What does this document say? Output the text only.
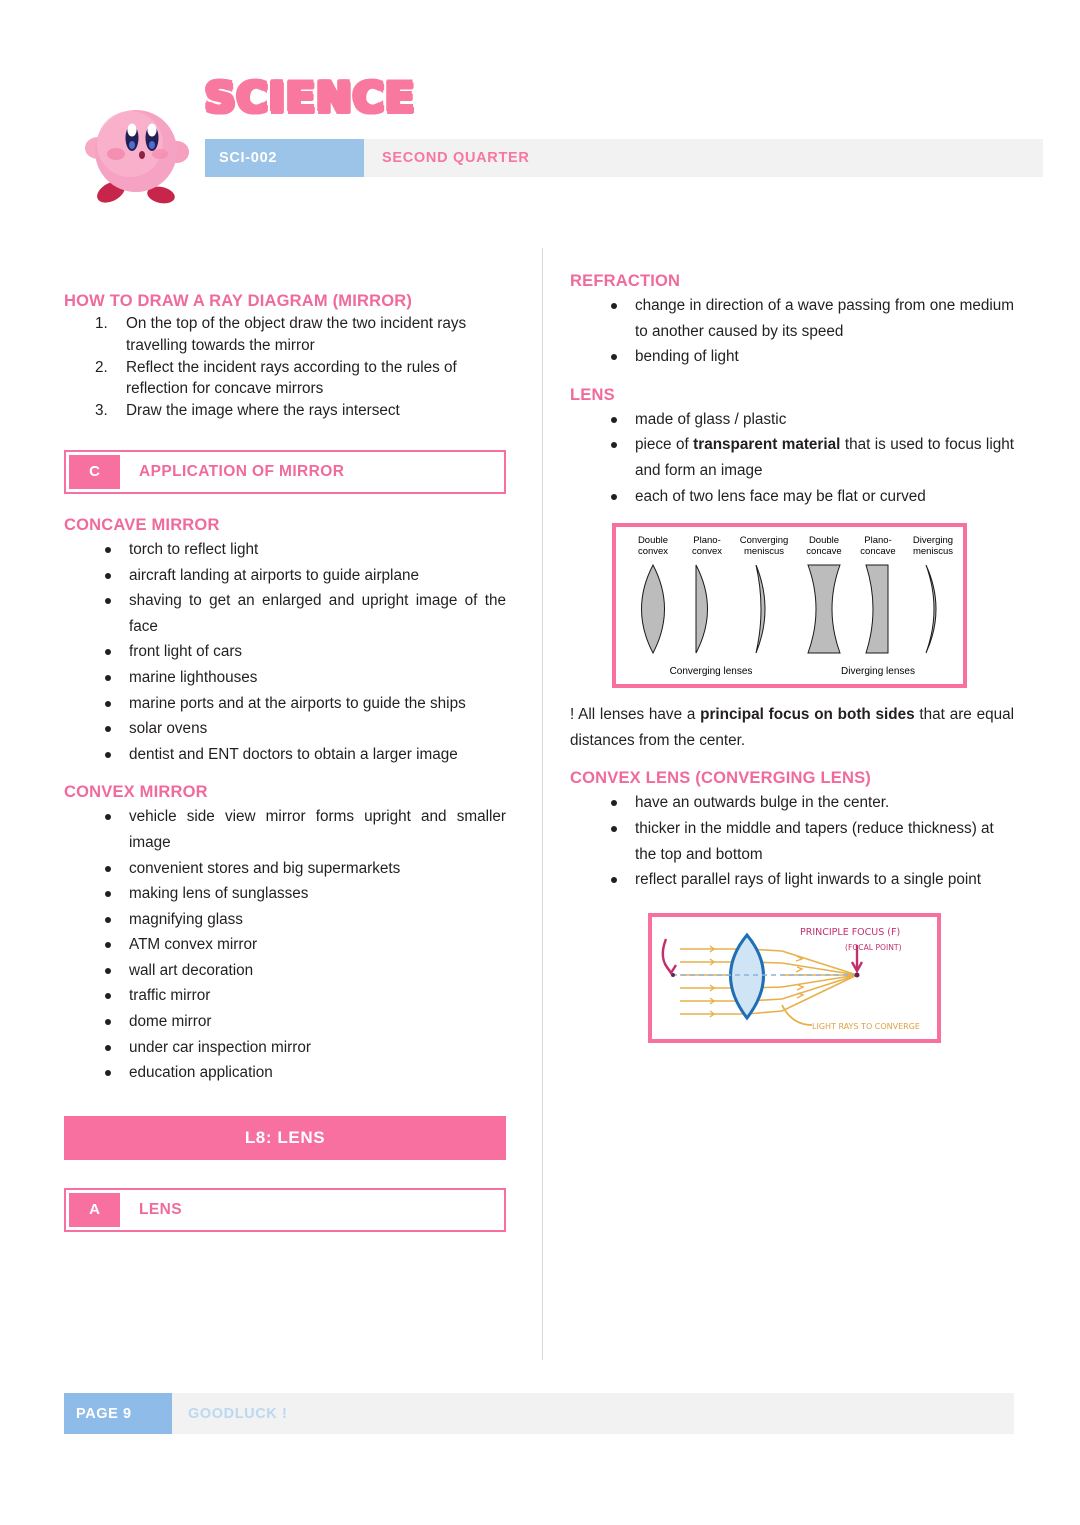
SCIENCE
SCI-002	SECOND QUARTER
HOW TO DRAW A RAY DIAGRAM (MIRROR)
1. On the top of the object draw the two incident rays travelling towards the mirror
2. Reflect the incident rays according to the rules of reflection for concave mirrors
3. Draw the image where the rays intersect
C	APPLICATION OF MIRROR
CONCAVE MIRROR
torch to reflect light
aircraft landing at airports to guide airplane
shaving to get an enlarged and upright image of the face
front light of cars
marine lighthouses
marine ports and at the airports to guide the ships
solar ovens
dentist and ENT doctors to obtain a larger image
CONVEX MIRROR
vehicle side view mirror forms upright and smaller image
convenient stores and big supermarkets
making lens of sunglasses
magnifying glass
ATM convex mirror
wall art decoration
traffic mirror
dome mirror
under car inspection mirror
education application
L8: LENS
A	LENS
REFRACTION
change in direction of a wave passing from one medium to another caused by its speed
bending of light
LENS
made of glass / plastic
piece of transparent material that is used to focus light and form an image
each of two lens face may be flat or curved
Double
convex
Plano-
convex
Converging
meniscus
Double
concave
Plano-
concave
Diverging
meniscus
Converging lenses	Diverging lenses
! All lenses have a principal focus on both sides that are equal distances from the center.
CONVEX LENS (CONVERGING LENS)
have an outwards bulge in the center.
thicker in the middle and tapers (reduce thickness) at the top and bottom
reflect parallel rays of light inwards to a single point
PRINCIPLE FOCUS (F)
(FOCAL POINT)
LIGHT RAYS TO CONVERGE
PAGE 9	GOODLUCK !
